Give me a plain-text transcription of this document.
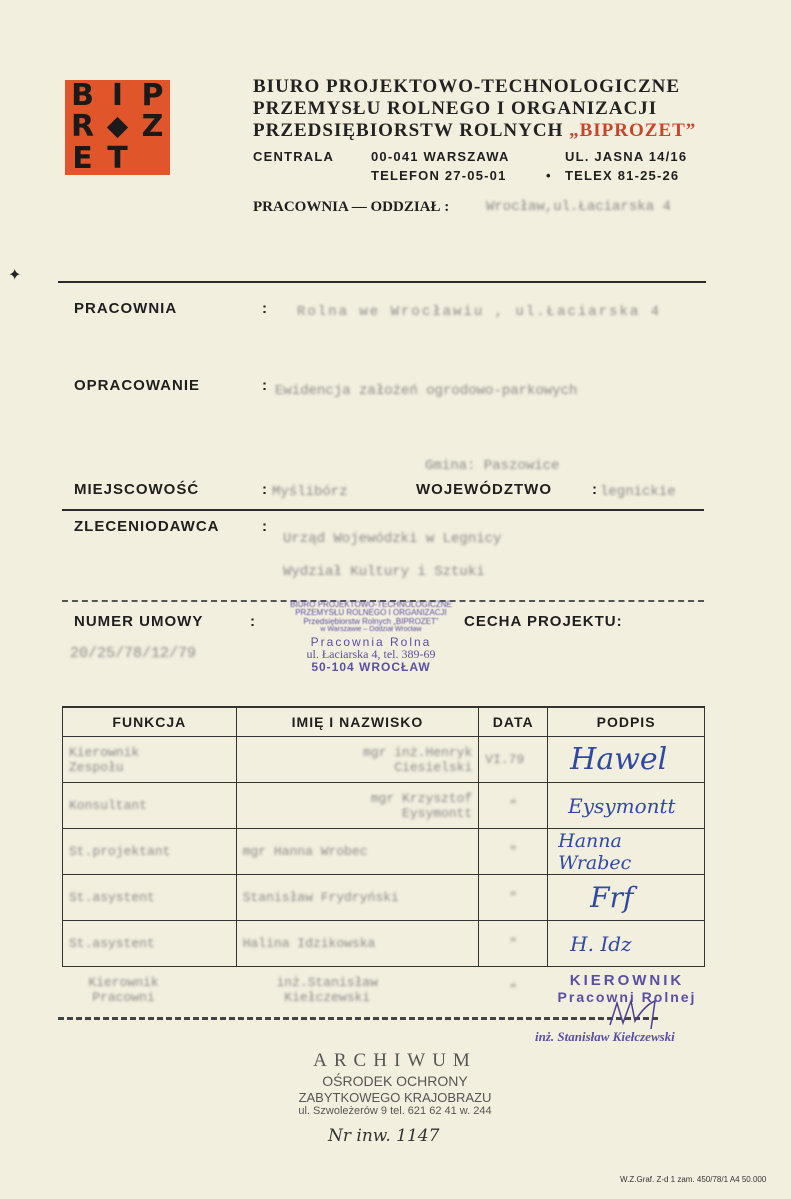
B I P
R Z
E T
BIURO PROJEKTOWO-TECHNOLOGICZNE
PRZEMYSŁU ROLNEGO I ORGANIZACJI
PRZEDSIĘBIORSTW ROLNYCH „BIPROZET”
CENTRALA	00-041 WARSZAWA	UL. JASNA 14/16
TELEFON 27-05-01	• TELEX 81-25-26
PRACOWNIA — ODDZIAŁ :	Wrocław,ul.Łaciarska 4
PRACOWNIA	: Rolna we Wrocławiu , ul.Łaciarska 4
OPRACOWANIE	: Ewidencja założeń ogrodowo-parkowych
Gmina: Paszowice
MIEJSCOWOŚĆ	: Myślibórz	WOJEWÓDZTWO	: legnickie
ZLECENIODAWCA	:
Urząd Wojewódzki w Legnicy
Wydział Kultury i Sztuki
NUMER UMOWY	:
20/25/78/12/79
CECHA PROJEKTU:
BIURO PROJEKTOWO-TECHNOLOGICZNE
PRZEMYSŁU ROLNEGO I ORGANIZACJI
Przedsiębiorstw Rolnych „BIPROZET”
w Warszawie – Oddział Wrocław
Pracownia Rolna
ul. Łaciarska 4, tel. 389-69
50-104 WROCŁAW
FUNKCJA	IMIĘ I NAZWISKO	DATA	PODPIS
Kierownik Zespołu	mgr inż.Henryk Ciesielski	VI.79	Hawel

Konsultant	mgr Krzysztof Eysymontt	"	Eysymontt

St.projektant	mgr Hanna Wrobec	"	Hanna Wrabec

St.asystent	Stanisław Frydryński	"	Frf

St.asystent	Halina Idzikowska	"	H. Idz

Kierownik Pracowni	inż.Stanisław Kiełczewski	"	
KIEROWNIK
Pracowni Rolnej
inż. Stanisław Kiełczewski
ARCHIWUM
OŚRODEK OCHRONY
ZABYTKOWEGO KRAJOBRAZU
ul. Szwoleżerów 9 tel. 621 62 41 w. 244
Nr inw. 1147
W.Z.Graf. Z-d 1 zam. 450/78/1 A4 50.000
✦
